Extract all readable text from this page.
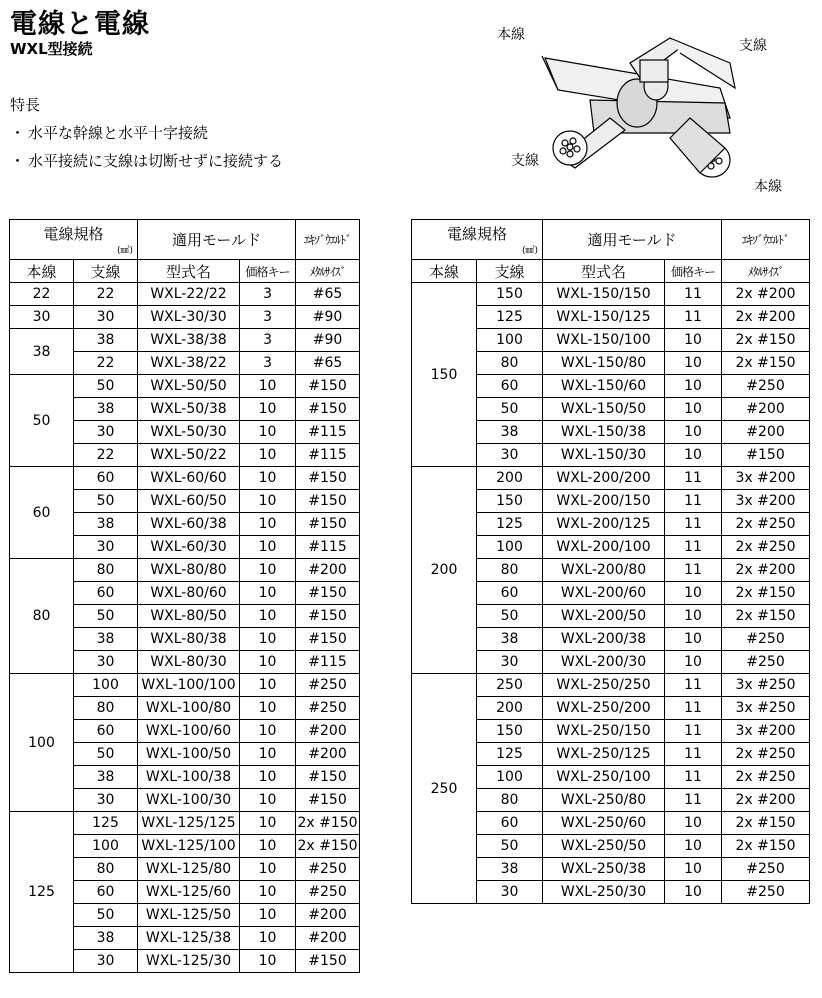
電線と電線
WXL型接続
特長
・ 水平な幹線と水平十字接続
・ 水平接続に支線は切断せずに接続する
本線
支線
支線
本線
電線規格
(㎟)		適用モールド		ｴｷｿﾞｳｴﾙﾄﾞ
本線	支線	型式名	価格キー	ﾒﾀﾙｻｲｽﾞ
22	22	WXL-22/22	3	#65
30	30	WXL-30/30	3	#90
38	38	WXL-38/38	3	#90
	22	WXL-38/22	3	#65
50	50	WXL-50/50	10	#150
	38	WXL-50/38	10	#150
	30	WXL-50/30	10	#115
	22	WXL-50/22	10	#115
60	60	WXL-60/60	10	#150
	50	WXL-60/50	10	#150
	38	WXL-60/38	10	#150
	30	WXL-60/30	10	#115
80	80	WXL-80/80	10	#200
	60	WXL-80/60	10	#150
	50	WXL-80/50	10	#150
	38	WXL-80/38	10	#150
	30	WXL-80/30	10	#115
100	100	WXL-100/100	10	#250
	80	WXL-100/80	10	#250
	60	WXL-100/60	10	#200
	50	WXL-100/50	10	#200
	38	WXL-100/38	10	#150
	30	WXL-100/30	10	#150
125	125	WXL-125/125	10	2x #150
	100	WXL-125/100	10	2x #150
	80	WXL-125/80	10	#250
	60	WXL-125/60	10	#250
	50	WXL-125/50	10	#200
	38	WXL-125/38	10	#200
	30	WXL-125/30	10	#150
電線規格
(㎟)		適用モールド		ｴｷｿﾞｳｴﾙﾄﾞ
本線	支線	型式名	価格キー	ﾒﾀﾙｻｲｽﾞ
150	150	WXL-150/150	11	2x #200
	125	WXL-150/125	11	2x #200
	100	WXL-150/100	10	2x #150
	80	WXL-150/80	10	2x #150
	60	WXL-150/60	10	#250
	50	WXL-150/50	10	#200
	38	WXL-150/38	10	#200
	30	WXL-150/30	10	#150
200	200	WXL-200/200	11	3x #200
	150	WXL-200/150	11	3x #200
	125	WXL-200/125	11	2x #250
	100	WXL-200/100	11	2x #250
	80	WXL-200/80	11	2x #200
	60	WXL-200/60	10	2x #150
	50	WXL-200/50	10	2x #150
	38	WXL-200/38	10	#250
	30	WXL-200/30	10	#250
250	250	WXL-250/250	11	3x #250
	200	WXL-250/200	11	3x #250
	150	WXL-250/150	11	3x #200
	125	WXL-250/125	11	2x #250
	100	WXL-250/100	11	2x #250
	80	WXL-250/80	11	2x #200
	60	WXL-250/60	10	2x #150
	50	WXL-250/50	10	2x #150
	38	WXL-250/38	10	#250
	30	WXL-250/30	10	#250
